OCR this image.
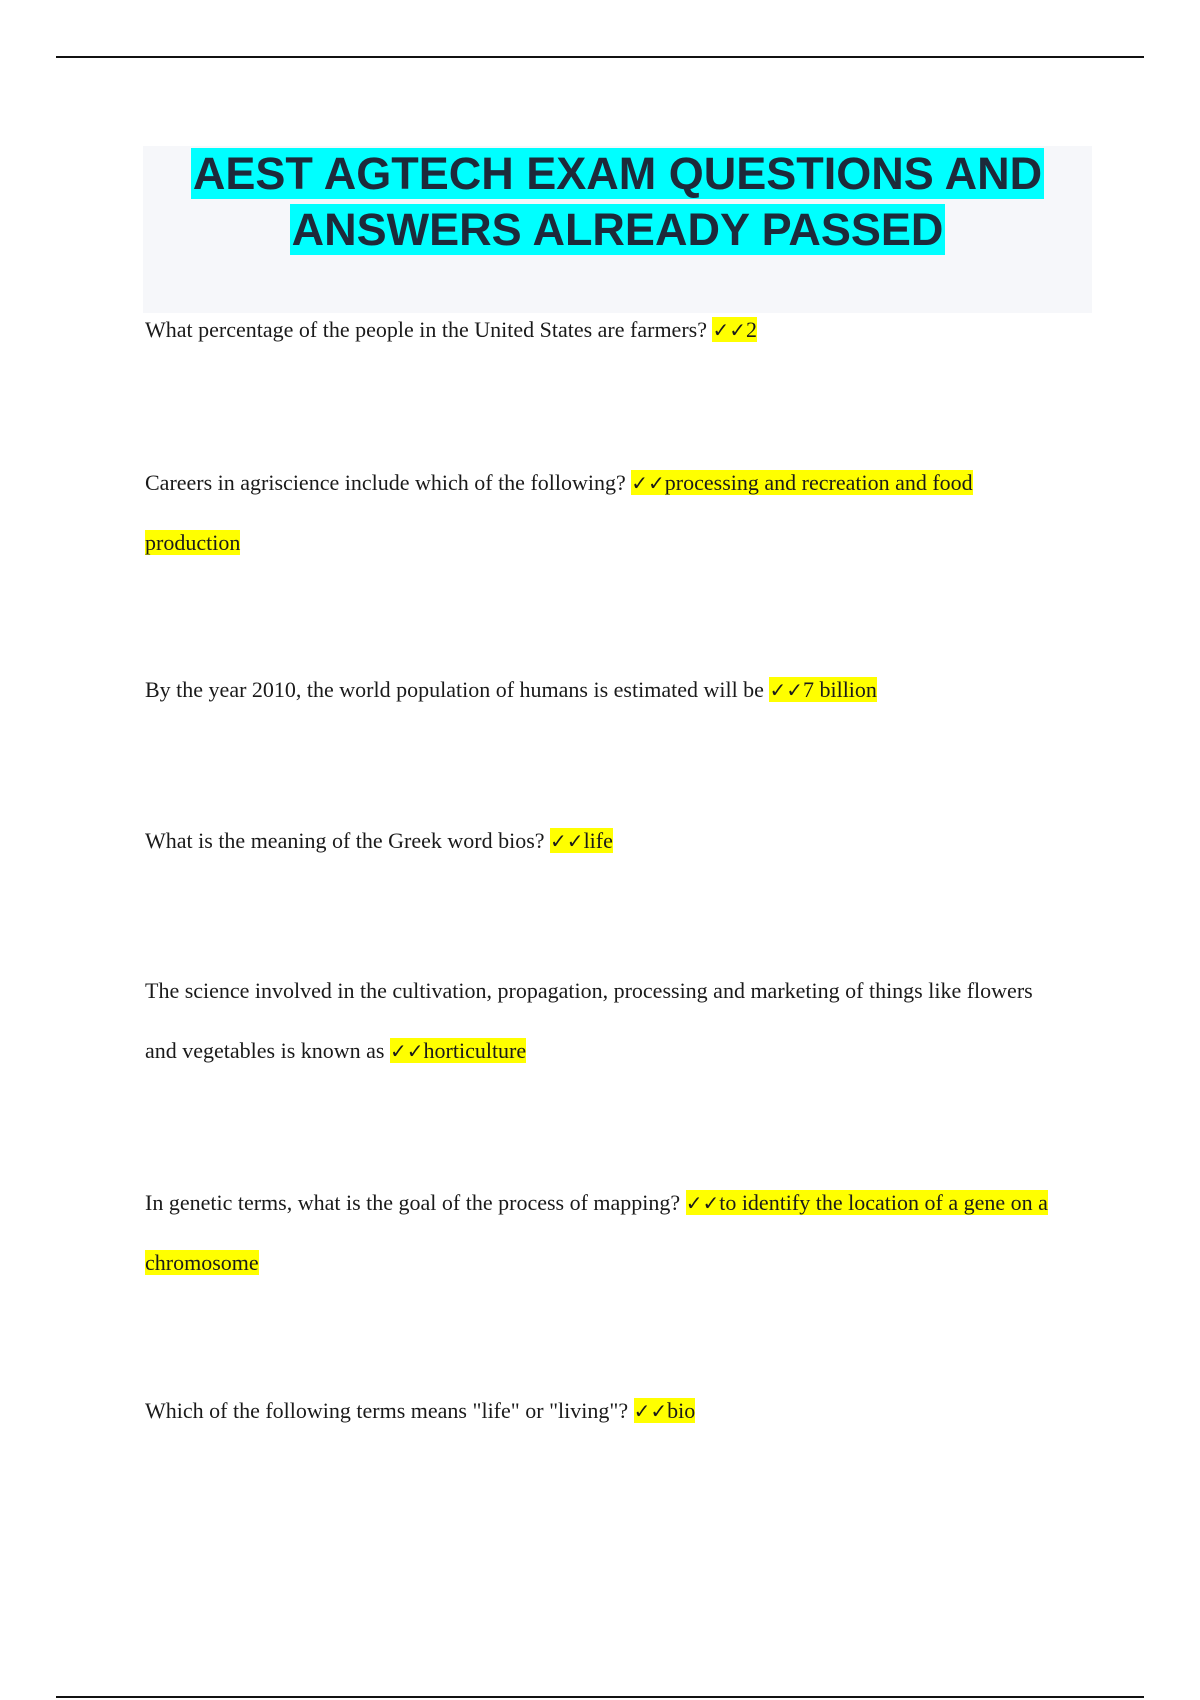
AEST AGTECH EXAM QUESTIONS AND
ANSWERS ALREADY PASSED

What percentage of the people in the United States are farmers? ✓✓2

Careers in agriscience include which of the following? ✓✓processing and recreation and food production

By the year 2010, the world population of humans is estimated will be ✓✓7 billion

What is the meaning of the Greek word bios? ✓✓life

The science involved in the cultivation, propagation, processing and marketing of things like flowers and vegetables is known as ✓✓horticulture

In genetic terms, what is the goal of the process of mapping? ✓✓to identify the location of a gene on a chromosome

Which of the following terms means "life" or "living"? ✓✓bio
